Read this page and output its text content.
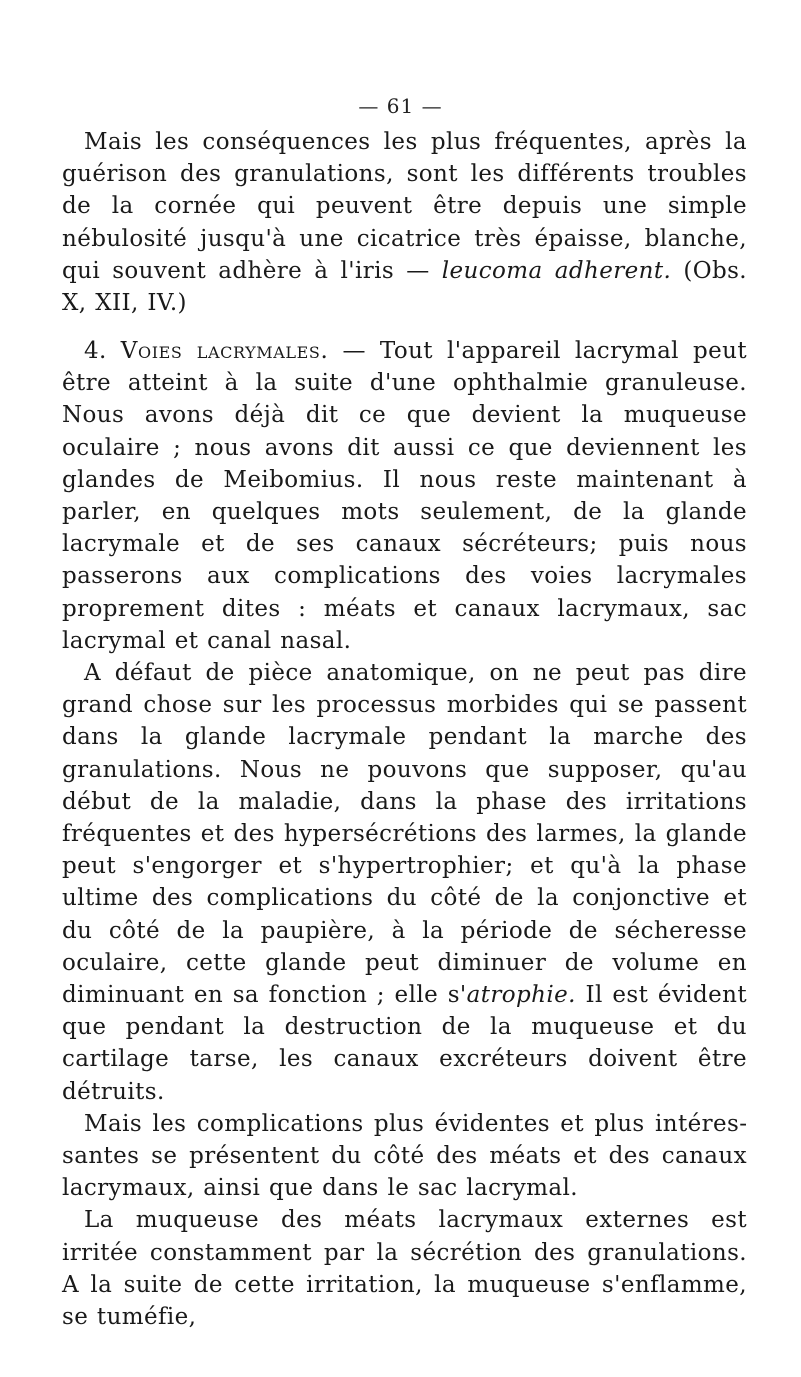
— 61 —

Mais les conséquences les plus fréquentes, après la guérison des granulations, sont les différents troubles de la cornée qui peuvent être depuis une simple nébulosité jusqu'à une cicatrice très épaisse, blanche, qui souvent adhère à l'iris — leucoma adherent. (Obs. X, XII, IV.)

4. Voies lacrymales. — Tout l'appareil lacrymal peut être atteint à la suite d'une ophthalmie granuleuse. Nous avons déjà dit ce que devient la muqueuse oculaire ; nous avons dit aussi ce que deviennent les glandes de Meibomius. Il nous reste maintenant à parler, en quelques mots seulement, de la glande lacrymale et de ses canaux sécréteurs; puis nous passerons aux complications des voies lacrymales proprement dites : méats et canaux lacrymaux, sac lacrymal et canal nasal.

A défaut de pièce anatomique, on ne peut pas dire grand chose sur les processus morbides qui se passent dans la glande lacrymale pendant la marche des granulations. Nous ne pouvons que supposer, qu'au début de la maladie, dans la phase des irritations fréquentes et des hypersécrétions des larmes, la glande peut s'engorger et s'hypertrophier; et qu'à la phase ultime des complications du côté de la conjonctive et du côté de la paupière, à la période de sécheresse oculaire, cette glande peut diminuer de volume en diminuant en sa fonction ; elle s'atrophie. Il est évident que pendant la destruction de la muqueuse et du cartilage tarse, les canaux excréteurs doivent être détruits.

Mais les complications plus évidentes et plus intéressantes se présentent du côté des méats et des canaux lacrymaux, ainsi que dans le sac lacrymal.

La muqueuse des méats lacrymaux externes est irritée constamment par la sécrétion des granulations. A la suite de cette irritation, la muqueuse s'enflamme, se tuméfie,
